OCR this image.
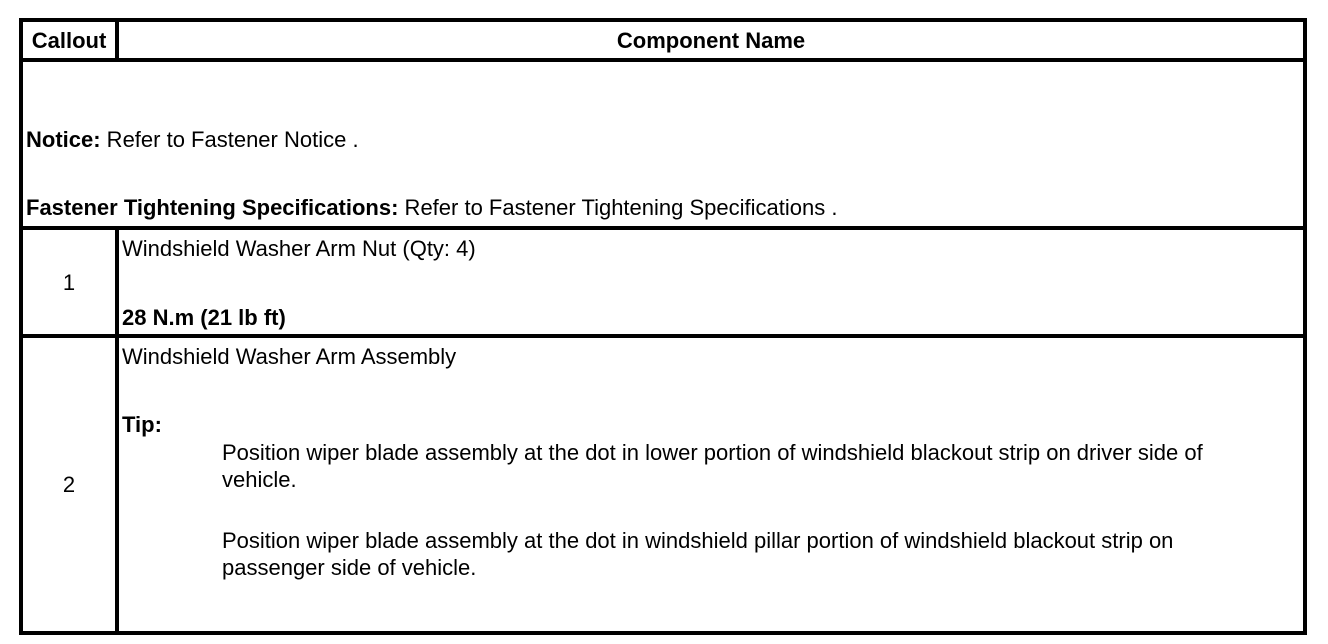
Callout	Component Name

Notice: Refer to Fastener Notice .
Fastener Tightening Specifications: Refer to Fastener Tightening Specifications .	

1	Windshield Washer Arm Nut (Qty: 4)
28 N.m (21 lb ft)

2	Windshield Washer Arm Assembly
Tip:
Position wiper blade assembly at the dot in lower portion of windshield blackout strip on driver side of vehicle.
Position wiper blade assembly at the dot in windshield pillar portion of windshield blackout strip on passenger side of vehicle.
